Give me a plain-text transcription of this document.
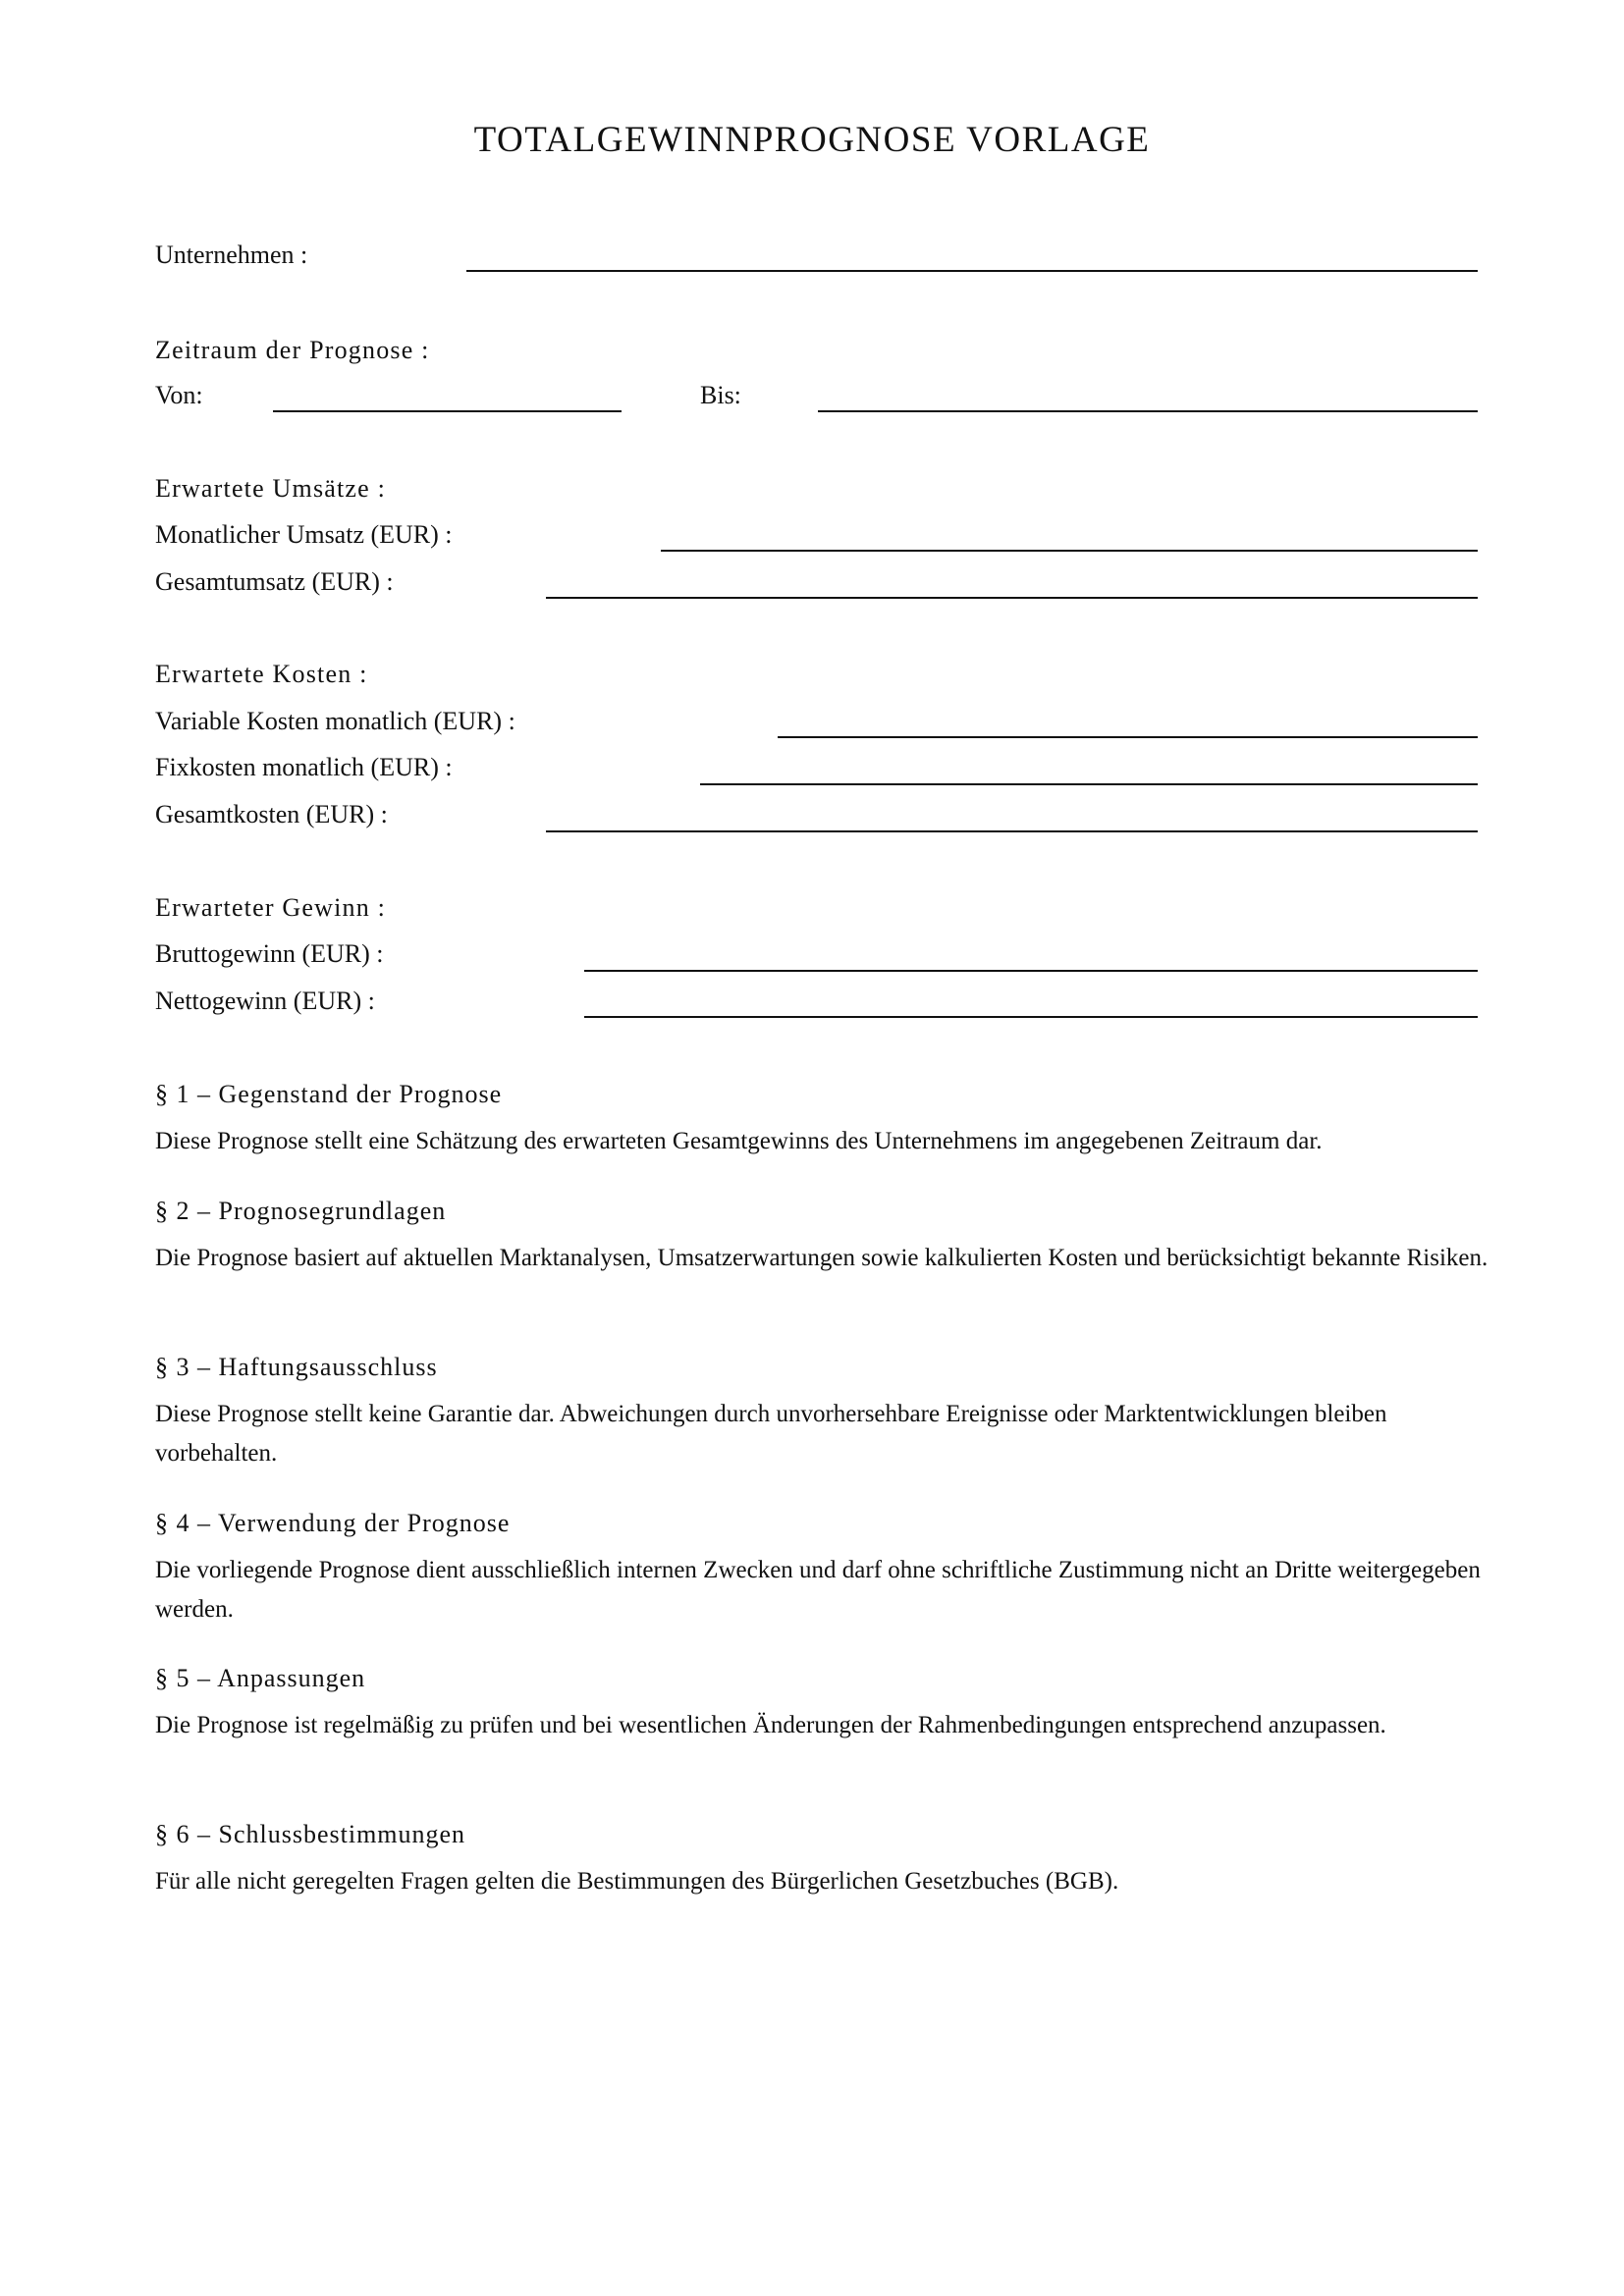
TOTALGEWINNPROGNOSE VORLAGE
Unternehmen :
Zeitraum der Prognose :
Von:	Bis:
Erwartete Umsätze :
Monatlicher Umsatz (EUR) :
Gesamtumsatz (EUR) :
Erwartete Kosten :
Variable Kosten monatlich (EUR) :
Fixkosten monatlich (EUR) :
Gesamtkosten (EUR) :
Erwarteter Gewinn :
Bruttogewinn (EUR) :
Nettogewinn (EUR) :
§ 1 – Gegenstand der Prognose
Diese Prognose stellt eine Schätzung des erwarteten Gesamtgewinns des Unternehmens im angegebenen Zeitraum dar.
§ 2 – Prognosegrundlagen
Die Prognose basiert auf aktuellen Marktanalysen, Umsatzerwartungen sowie kalkulierten Kosten und berücksichtigt bekannte Risiken.
§ 3 – Haftungsausschluss
Diese Prognose stellt keine Garantie dar. Abweichungen durch unvorhersehbare Ereignisse oder Marktentwicklungen bleiben vorbehalten.
§ 4 – Verwendung der Prognose
Die vorliegende Prognose dient ausschließlich internen Zwecken und darf ohne schriftliche Zustimmung nicht an Dritte weitergegeben werden.
§ 5 – Anpassungen
Die Prognose ist regelmäßig zu prüfen und bei wesentlichen Änderungen der Rahmenbedingungen entsprechend anzupassen.
§ 6 – Schlussbestimmungen
Für alle nicht geregelten Fragen gelten die Bestimmungen des Bürgerlichen Gesetzbuches (BGB).
